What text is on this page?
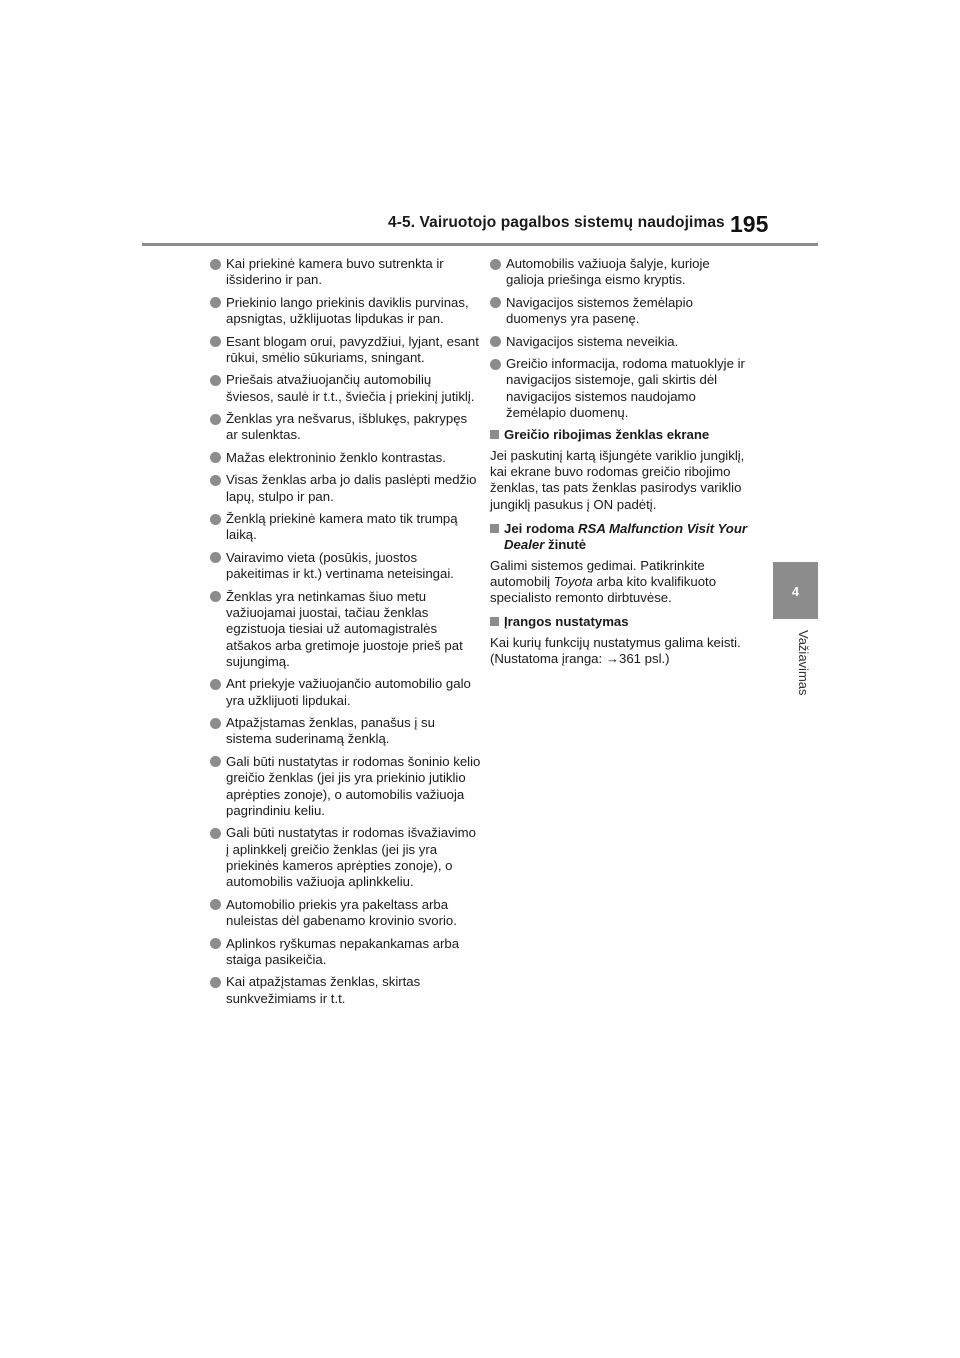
4-5. Vairuotojo pagalbos sistemų naudojimas 195
4
Važiavimas
Kai priekinė kamera buvo sutrenkta ir išsiderino ir pan.
Priekinio lango priekinis daviklis purvinas, apsnigtas, užklijuotas lipdukas ir pan.
Esant blogam orui, pavyzdžiui, lyjant, esant rūkui, smėlio sūkuriams, sningant.
Priešais atvažiuojančių automobilių šviesos, saulė ir t.t., šviečia į priekinį jutiklį.
Ženklas yra nešvarus, išblukęs, pakrypęs ar sulenktas.
Mažas elektroninio ženklo kontrastas.
Visas ženklas arba jo dalis paslėpti medžio lapų, stulpo ir pan.
Ženklą priekinė kamera mato tik trumpą laiką.
Vairavimo vieta (posūkis, juostos pakeitimas ir kt.) vertinama neteisingai.
Ženklas yra netinkamas šiuo metu važiuojamai juostai, tačiau ženklas egzistuoja tiesiai už automagistralės atšakos arba gretimoje juostoje prieš pat sujungimą.
Ant priekyje važiuojančio automobilio galo yra užklijuoti lipdukai.
Atpažįstamas ženklas, panašus į su sistema suderinamą ženklą.
Gali būti nustatytas ir rodomas šoninio kelio greičio ženklas (jei jis yra priekinio jutiklio aprėpties zonoje), o automobilis važiuoja pagrindiniu keliu.
Gali būti nustatytas ir rodomas išvažiavimo į aplinkkelį greičio ženklas (jei jis yra priekinės kameros aprėpties zonoje), o automobilis važiuoja aplinkkeliu.
Automobilio priekis yra pakeltass arba nuleistas dėl gabenamo krovinio svorio.
Aplinkos ryškumas nepakankamas arba staiga pasikeičia.
Kai atpažįstamas ženklas, skirtas sunkvežimiams ir t.t.
Automobilis važiuoja šalyje, kurioje galioja priešinga eismo kryptis.
Navigacijos sistemos žemėlapio duomenys yra pasenę.
Navigacijos sistema neveikia.
Greičio informacija, rodoma matuoklyje ir navigacijos sistemoje, gali skirtis dėl navigacijos sistemos naudojamo žemėlapio duomenų.
Greičio ribojimas ženklas ekrane
Jei paskutinį kartą išjungėte variklio jungiklį, kai ekrane buvo rodomas greičio ribojimo ženklas, tas pats ženklas pasirodys variklio jungiklį pasukus į ON padėtį.
Jei rodoma RSA Malfunction Visit Your Dealer žinutė
Galimi sistemos gedimai. Patikrinkite automobilį Toyota arba kito kvalifikuoto specialisto remonto dirbtuvėse.
Įrangos nustatymas
Kai kurių funkcijų nustatymus galima keisti. (Nustatoma įranga: →361 psl.)
